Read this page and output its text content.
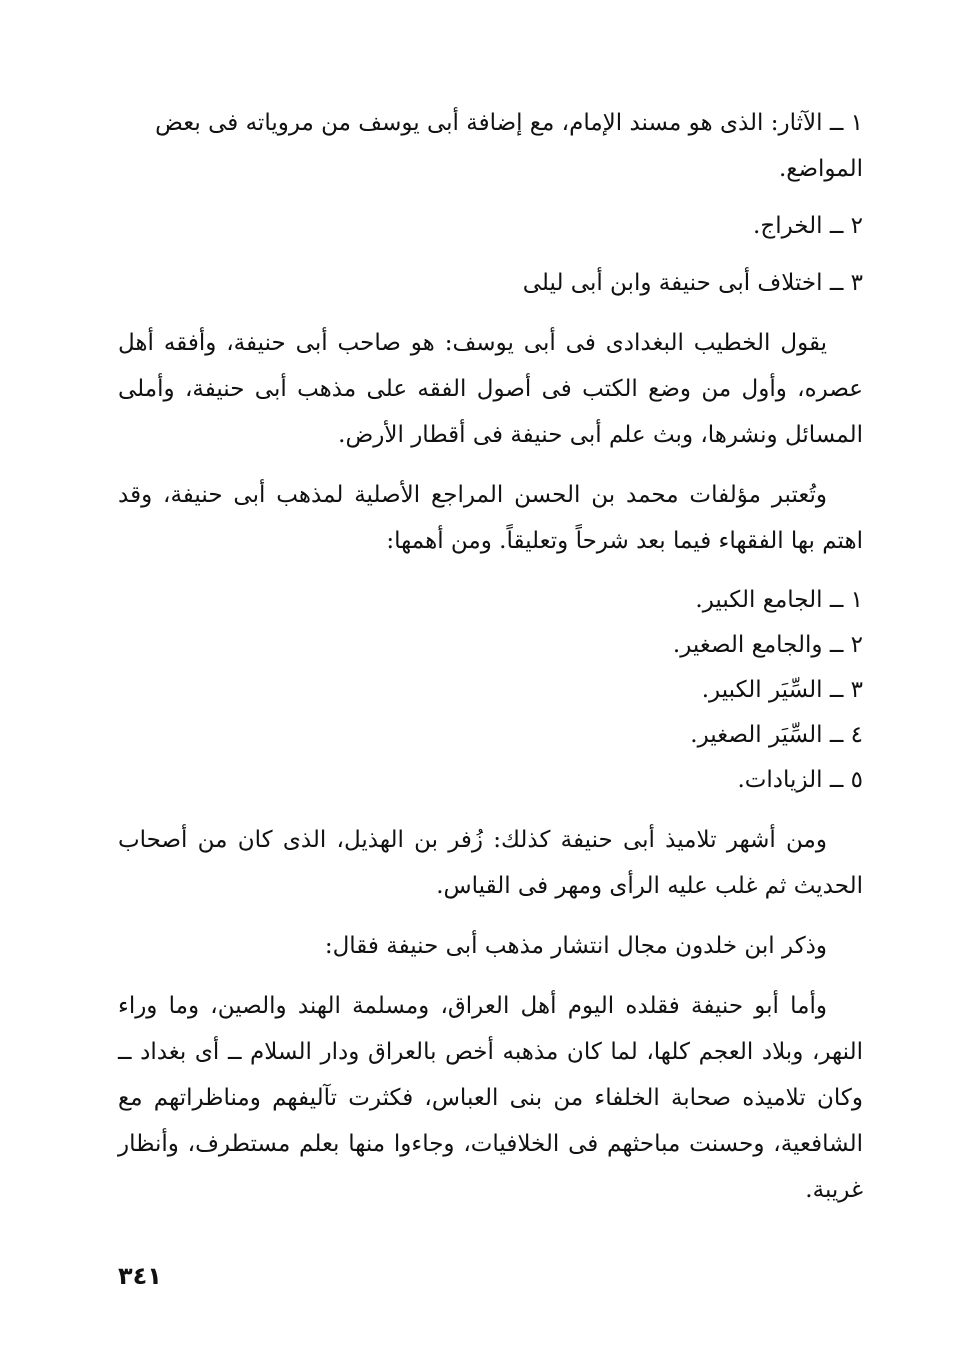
١ ــ الآثار: الذى هو مسند الإمام، مع إضافة أبى يوسف من مروياته فى بعض المواضع.

٢ ــ الخراج.

٣ ــ اختلاف أبى حنيفة وابن أبى ليلى

يقول الخطيب البغدادى فى أبى يوسف: هو صاحب أبى حنيفة، وأفقه أهل عصره، وأول من وضع الكتب فى أصول الفقه على مذهب أبى حنيفة، وأملى المسائل ونشرها، وبث علم أبى حنيفة فى أقطار الأرض.

وتُعتبر مؤلفات محمد بن الحسن المراجع الأصلية لمذهب أبى حنيفة، وقد اهتم بها الفقهاء فيما بعد شرحاً وتعليقاً. ومن أهمها:

١ ــ الجامع الكبير.

٢ ــ والجامع الصغير.

٣ ــ السِّيَر الكبير.

٤ ــ السِّيَر الصغير.

٥ ــ الزيادات.

ومن أشهر تلاميذ أبى حنيفة كذلك: زُفر بن الهذيل، الذى كان من أصحاب الحديث ثم غلب عليه الرأى ومهر فى القياس.

وذكر ابن خلدون مجال انتشار مذهب أبى حنيفة فقال:

وأما أبو حنيفة فقلده اليوم أهل العراق، ومسلمة الهند والصين، وما وراء النهر، وبلاد العجم كلها، لما كان مذهبه أخص بالعراق ودار السلام ــ أى بغداد ــ وكان تلاميذه صحابة الخلفاء من بنى العباس، فكثرت تآليفهم ومناظراتهم مع الشافعية، وحسنت مباحثهم فى الخلافيات، وجاءوا منها بعلم مستطرف، وأنظار غريبة.

٣٤١
